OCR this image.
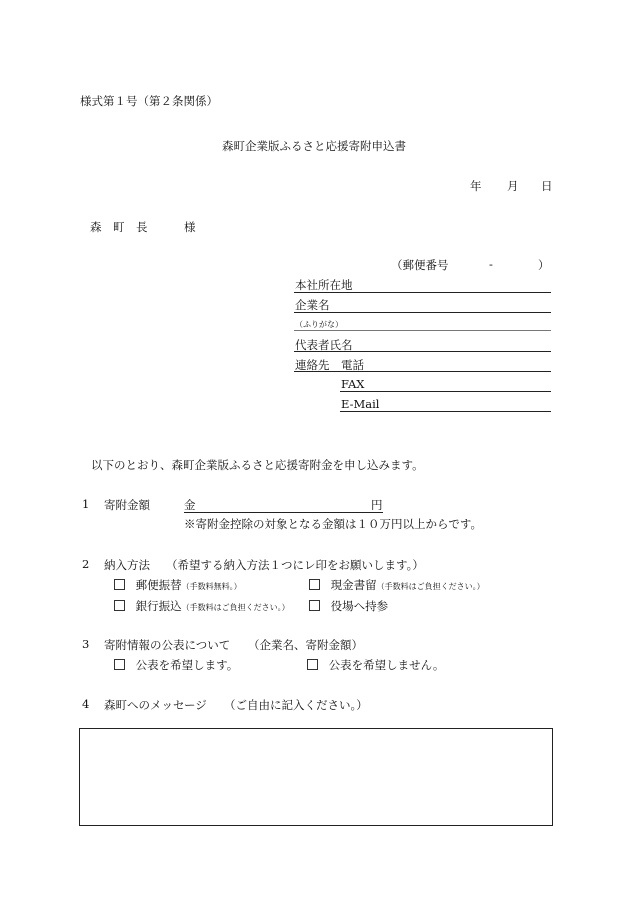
様式第１号（第２条関係）
森町企業版ふるさと応援寄附申込書
年 月 日
森　町　長	様
（郵便番号	-	）
本社所在地
企業名
（ふりがな）
代表者氏名
連絡先 電話
FAX
E-Mail
以下のとおり、森町企業版ふるさと応援寄附金を申し込みます。
1 寄附金額	金	円
※寄附金控除の対象となる金額は１０万円以上からです。
2 納入方法 （希望する納入方法１つにレ印をお願いします。）
郵便振替（手数料無料。）	現金書留（手数料はご負担ください。）
銀行振込（手数料はご負担ください。）	役場へ持参
3 寄附情報の公表について （企業名、寄附金額）
公表を希望します。	公表を希望しません。
4 森町へのメッセージ （ご自由に記入ください。）
